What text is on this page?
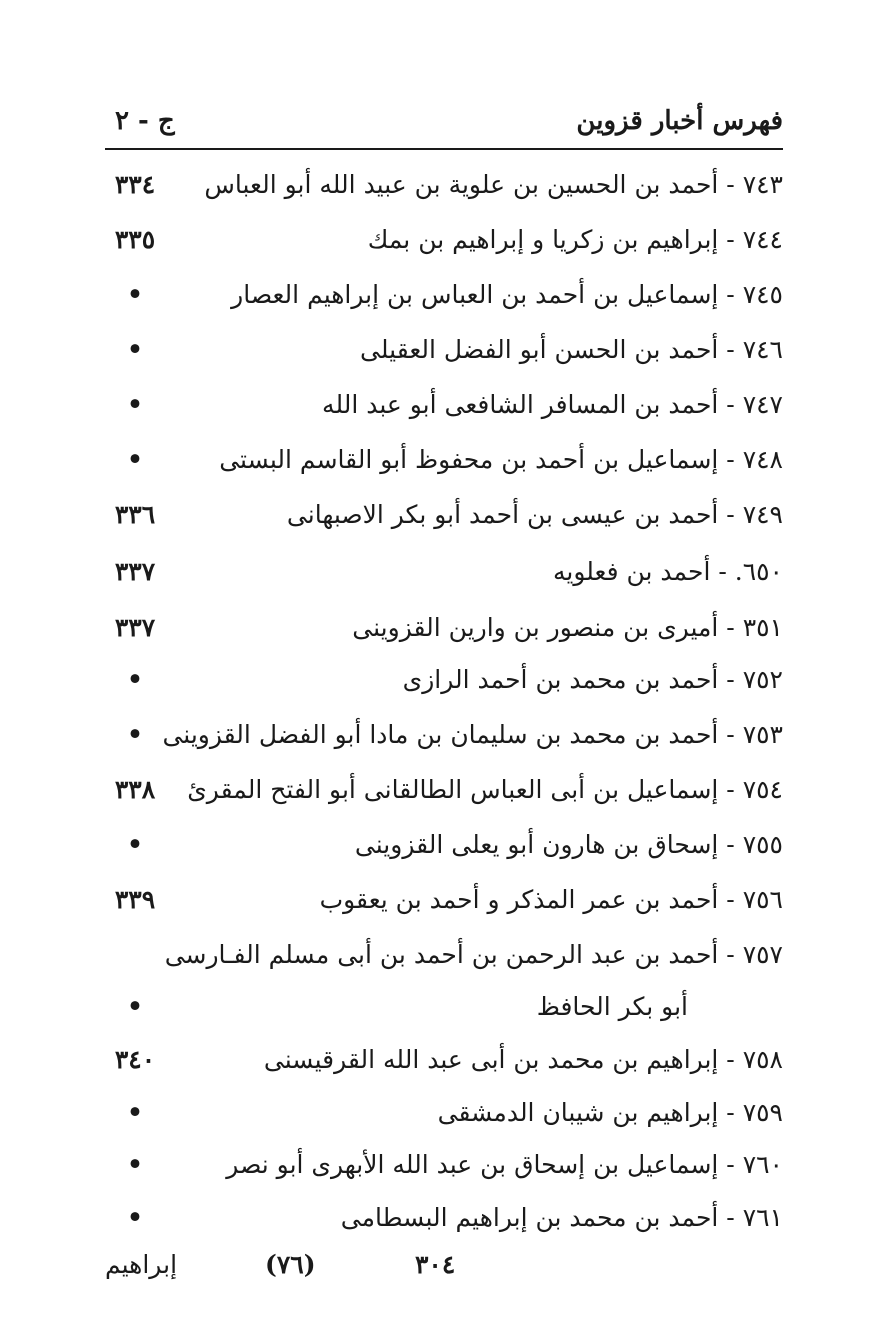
فهرس أخبار قزوين
ج - ٢
٧٤٣ - أحمد بن الحسين بن علوية بن عبيد الله أبو العباس
٣٣٤
٧٤٤ - إبراهيم بن زكريا و إبراهيم بن بمك
٣٣٥
٧٤٥ - إسماعيل بن أحمد بن العباس بن إبراهيم العصار
•
٧٤٦ - أحمد بن الحسن أبو الفضل العقيلى
•
٧٤٧ - أحمد بن المسافر الشافعى أبو عبد الله
•
٧٤٨ - إسماعيل بن أحمد بن محفوظ أبو القاسم البستى
•
٧٤٩ - أحمد بن عيسى بن أحمد أبو بكر الاصبهانى
٣٣٦
٦٥٠. - أحمد بن فعلويه
٣٣٧
٣٥١ - أميرى بن منصور بن وارين القزوينى
٣٣٧
٧٥٢ - أحمد بن محمد بن أحمد الرازى
•
٧٥٣ - أحمد بن محمد بن سليمان بن مادا أبو الفضل القزوينى
•
٧٥٤ - إسماعيل بن أبى العباس الطالقانى أبو الفتح المقرئ
٣٣٨
٧٥٥ - إسحاق بن هارون أبو يعلى القزوينى
•
٧٥٦ - أحمد بن عمر المذكر و أحمد بن يعقوب
٣٣٩
٧٥٧ - أحمد بن عبد الرحمن بن أحمد بن أبى مسلم الفـارسى
أبو بكر الحافظ
•
٧٥٨ - إبراهيم بن محمد بن أبى عبد الله القرقيسنى
٣٤٠
٧٥٩ - إبراهيم بن شيبان الدمشقى
•
٧٦٠ - إسماعيل بن إسحاق بن عبد الله الأبهرى أبو نصر
•
٧٦١ - أحمد بن محمد بن إبراهيم البسطامى
•
إبراهيم	(٧٦)	٣٠٤
